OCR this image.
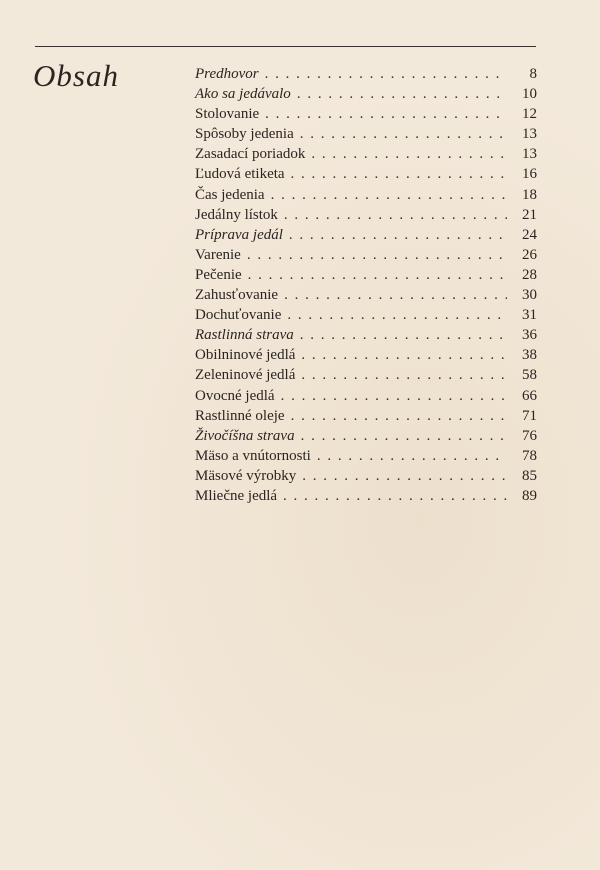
Obsah	Predhovor . . .	8
Ako sa jedávalo . . .	10
Stolovanie . . .	12
Spôsoby jedenia . . .	13
Zasadací poriadok . . .	13
Ľudová etiketa . . .	16
Čas jedenia . . .	18
Jedálny lístok . . .	21
Príprava jedál . . .	24
Varenie . . .	26
Pečenie . . .	28
Zahusťovanie . . .	30
Dochuťovanie . . .	31
Rastlinná strava . . .	36
Obilninové jedlá . . .	38
Zeleninové jedlá . . .	58
Ovocné jedlá . . .	66
Rastlinné oleje . . .	71
Živočíšna strava . . .	76
Mäso a vnútornosti . . .	78
Mäsové výrobky . . .	85
Mliečne jedlá . . .	89
